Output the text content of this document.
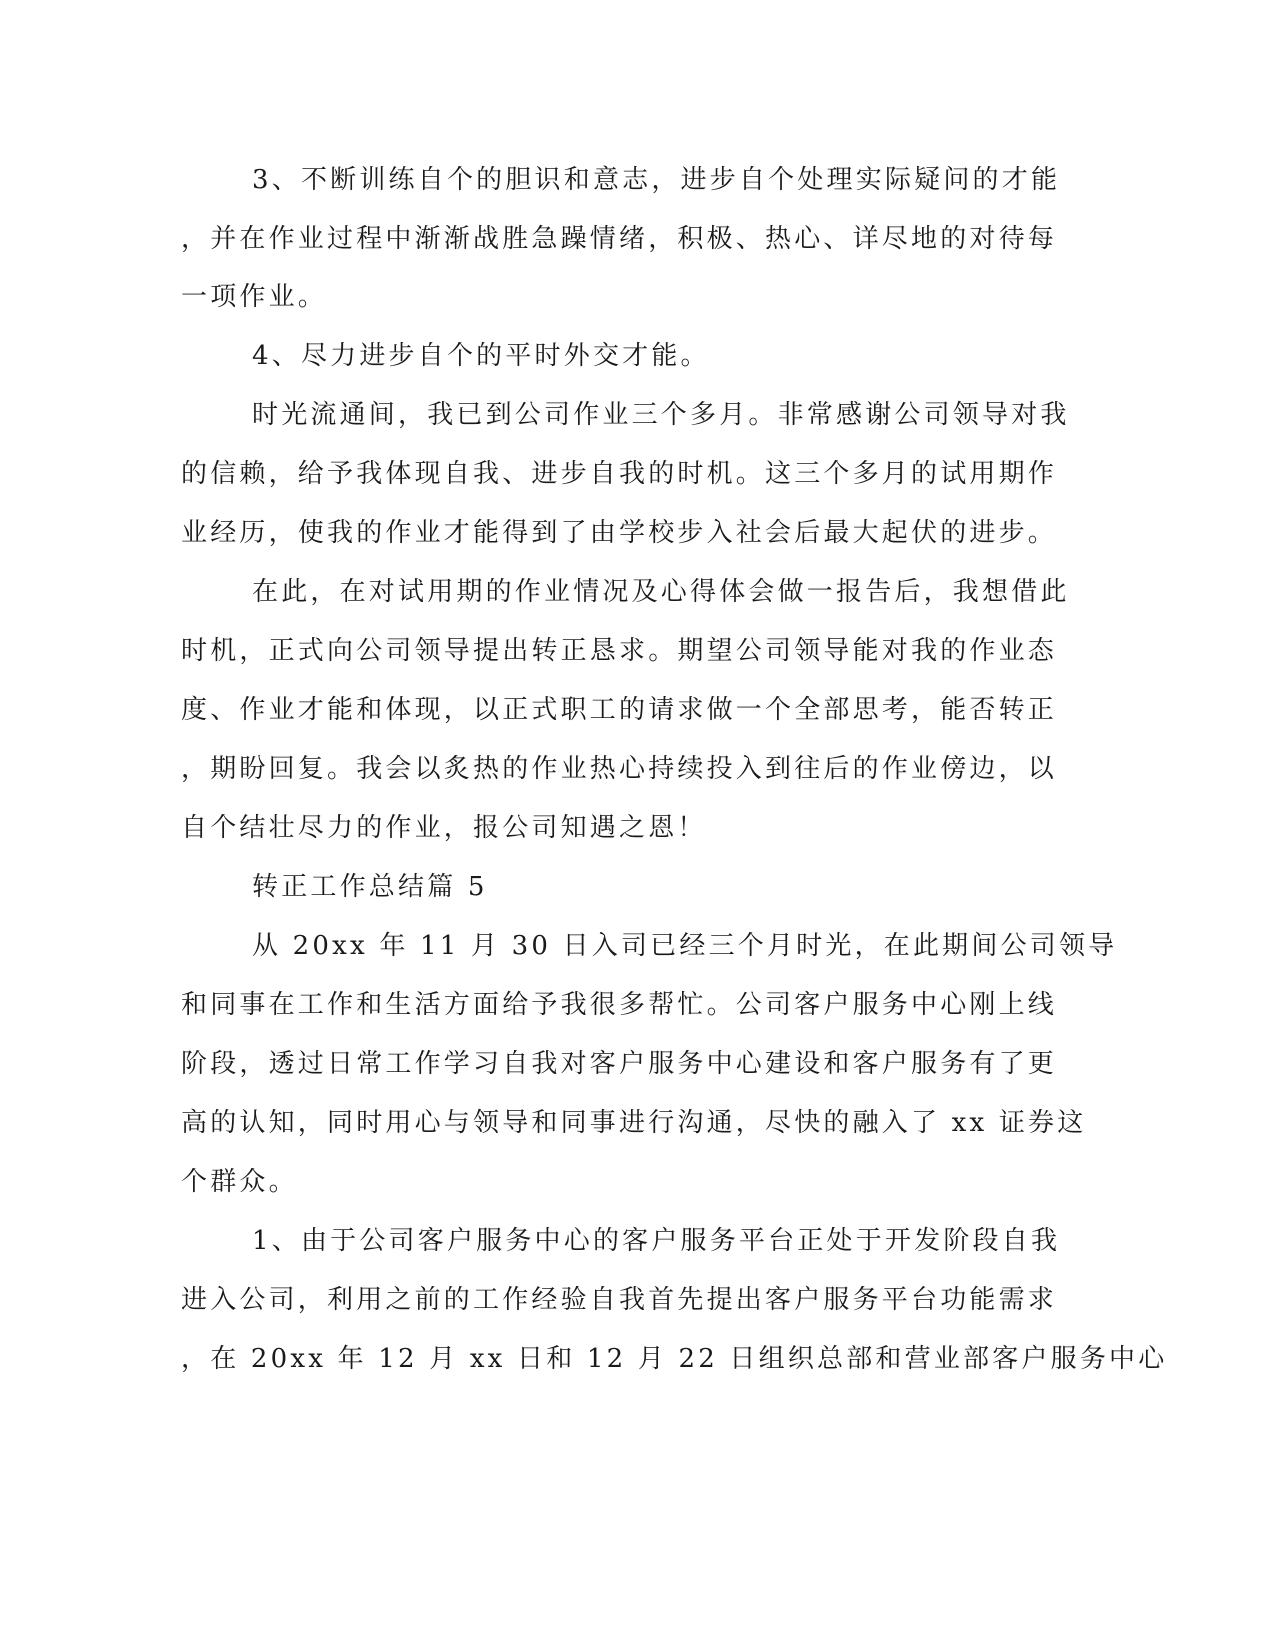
3、不断训练自个的胆识和意志，进步自个处理实际疑问的才能
，并在作业过程中渐渐战胜急躁情绪，积极、热心、详尽地的对待每
一项作业。
4、尽力进步自个的平时外交才能。
时光流通间，我已到公司作业三个多月。非常感谢公司领导对我
的信赖，给予我体现自我、进步自我的时机。这三个多月的试用期作
业经历，使我的作业才能得到了由学校步入社会后最大起伏的进步。
在此，在对试用期的作业情况及心得体会做一报告后，我想借此
时机，正式向公司领导提出转正恳求。期望公司领导能对我的作业态
度、作业才能和体现，以正式职工的请求做一个全部思考，能否转正
，期盼回复。我会以炙热的作业热心持续投入到往后的作业傍边，以
自个结壮尽力的作业，报公司知遇之恩！
转正工作总结篇 5
从 20xx 年 11 月 30 日入司已经三个月时光，在此期间公司领导
和同事在工作和生活方面给予我很多帮忙。公司客户服务中心刚上线
阶段，透过日常工作学习自我对客户服务中心建设和客户服务有了更
高的认知，同时用心与领导和同事进行沟通，尽快的融入了 xx 证券这
个群众。
1、由于公司客户服务中心的客户服务平台正处于开发阶段自我
进入公司，利用之前的工作经验自我首先提出客户服务平台功能需求
，在 20xx 年 12 月 xx 日和 12 月 22 日组织总部和营业部客户服务中心
